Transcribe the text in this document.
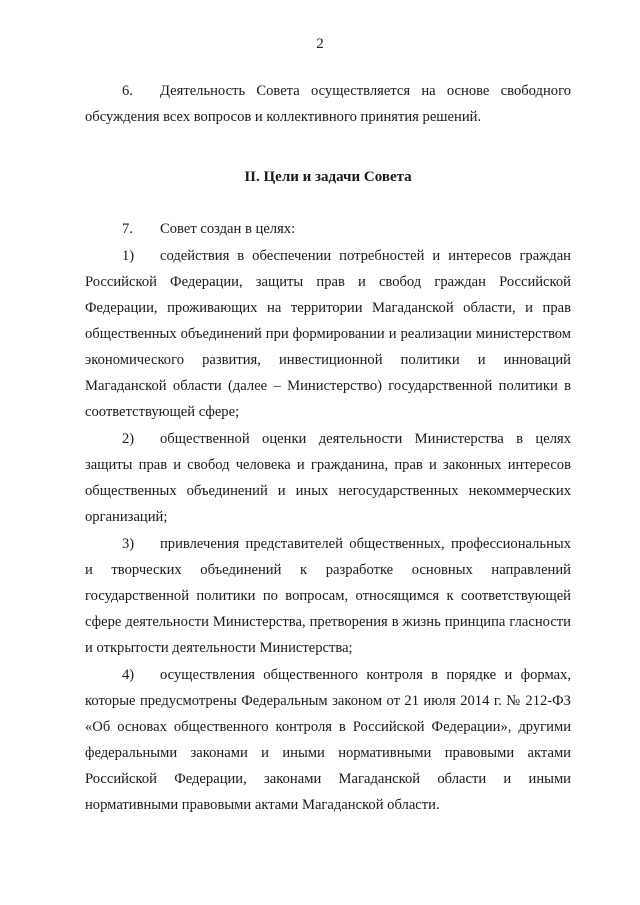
2

6. Деятельность Совета осуществляется на основе свободного обсуждения всех вопросов и коллективного принятия решений.

II. Цели и задачи Совета

7. Совет создан в целях:

1) содействия в обеспечении потребностей и интересов граждан Российской Федерации, защиты прав и свобод граждан Российской Федерации, проживающих на территории Магаданской области, и прав общественных объединений при формировании и реализации министерством экономического развития, инвестиционной политики и инноваций Магаданской области (далее – Министерство) государственной политики в соответствующей сфере;

2) общественной оценки деятельности Министерства в целях защиты прав и свобод человека и гражданина, прав и законных интересов общественных объединений и иных негосударственных некоммерческих организаций;

3) привлечения представителей общественных, профессиональных и творческих объединений к разработке основных направлений государственной политики по вопросам, относящимся к соответствующей сфере деятельности Министерства, претворения в жизнь принципа гласности и открытости деятельности Министерства;

4) осуществления общественного контроля в порядке и формах, которые предусмотрены Федеральным законом от 21 июля 2014 г. № 212-ФЗ «Об основах общественного контроля в Российской Федерации», другими федеральными законами и иными нормативными правовыми актами Российской Федерации, законами Магаданской области и иными нормативными правовыми актами Магаданской области.
